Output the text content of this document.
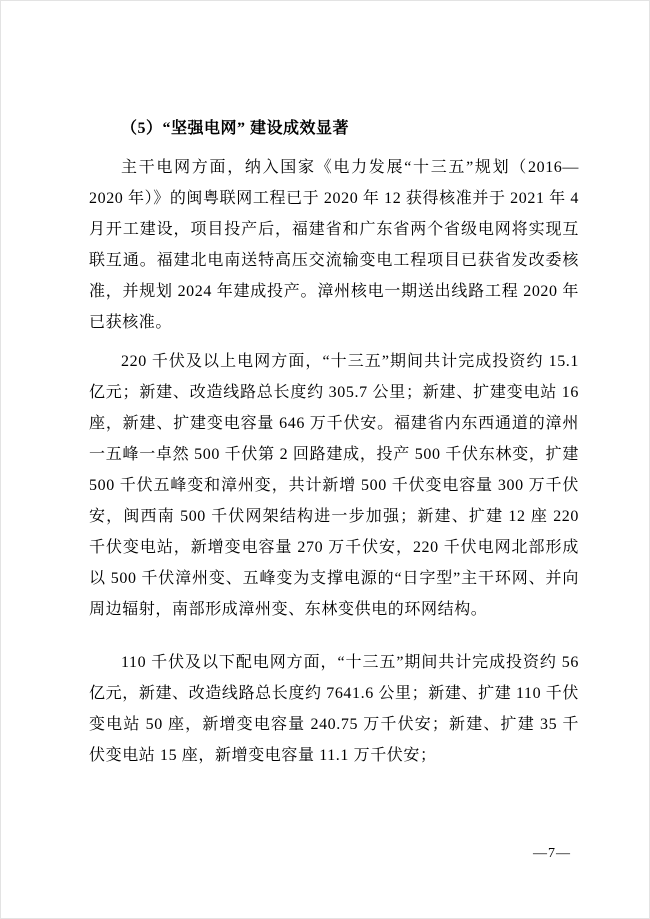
（5）“坚强电网” 建设成效显著

主干电网方面，纳入国家《电力发展“十三五”规划（2016—2020 年）》的闽粤联网工程已于 2020 年 12 获得核准并于 2021 年 4 月开工建设，项目投产后，福建省和广东省两个省级电网将实现互联互通。福建北电南送特高压交流输变电工程项目已获省发改委核准，并规划 2024 年建成投产。漳州核电一期送出线路工程 2020 年已获核准。

220 千伏及以上电网方面，“十三五”期间共计完成投资约 15.1 亿元；新建、改造线路总长度约 305.7 公里；新建、扩建变电站 16 座，新建、扩建变电容量 646 万千伏安。福建省内东西通道的漳州一五峰一卓然 500 千伏第 2 回路建成，投产 500 千伏东林变，扩建 500 千伏五峰变和漳州变，共计新增 500 千伏变电容量 300 万千伏安，闽西南 500 千伏网架结构进一步加强；新建、扩建 12 座 220 千伏变电站，新增变电容量 270 万千伏安，220 千伏电网北部形成以 500 千伏漳州变、五峰变为支撑电源的“日字型”主干环网、并向周边辐射，南部形成漳州变、东林变供电的环网结构。

110 千伏及以下配电网方面，“十三五”期间共计完成投资约 56 亿元，新建、改造线路总长度约 7641.6 公里；新建、扩建 110 千伏变电站 50 座，新增变电容量 240.75 万千伏安；新建、扩建 35 千伏变电站 15 座，新增变电容量 11.1 万千伏安；

—7—
